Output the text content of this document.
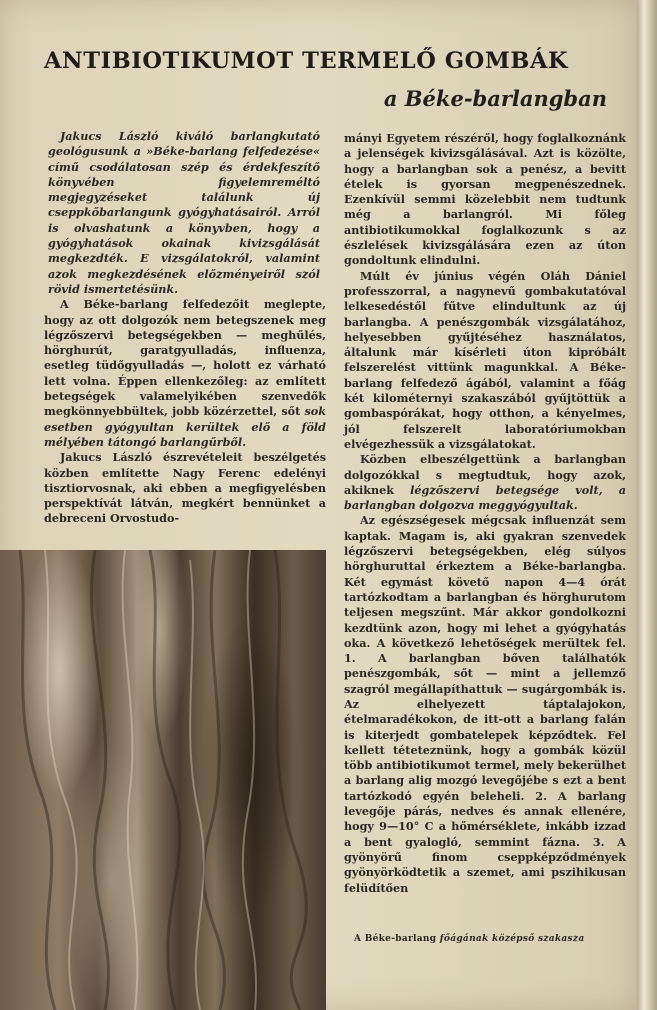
ANTIBIOTIKUMOT TERMELŐ GOMBÁK
a Béke-barlangban

Jakucs László kiváló barlangkutató geológusunk a »Béke-barlang felfedezése« című csodálatosan szép és érdekfeszítő könyvében figyelemreméltó megjegyzéseket találunk új cseppkőbarlangunk gyógyhatásairól. Arról is olvashatunk a könyvben, hogy a gyógyhatások okainak kivizsgálását megkezdték. E vizsgálatokról, valamint azok megkezdésének előzményeiről szól rövid ismertetésünk.

A Béke-barlang felfedezőit meglepte, hogy az ott dolgozók nem betegszenek meg légzőszervi betegségekben — meghűlés, hörghurút, garatgyulladás, influenza, esetleg tüdőgyulladás —, holott ez várható lett volna. Éppen ellenkezőleg: az említett betegségek valamelyikében szenvedők megkönnyebbültek, jobb közérzettel, sőt sok esetben gyógyultan kerültek elő a föld mélyében tátongó barlangűrből.

Jakucs László észrevételeit beszélgetés közben említette Nagy Ferenc edelényi tisztiorvosnak, aki ebben a megfigyelésben perspektívát látván, megkért bennünket a debreceni Orvostudo-

mányi Egyetem részéről, hogy foglalkoznánk a jelenségek kivizsgálásával. Azt is közölte, hogy a barlangban sok a penész, a bevitt ételek is gyorsan megpenészednek. Ezenkívül semmi közelebbit nem tudtunk még a barlangról. Mi főleg antibiotikumokkal foglalkozunk s az észlelések kivizsgálására ezen az úton gondoltunk elindulni.

Múlt év június végén Oláh Dániel professzorral, a nagynevű gombakutatóval lelkesedéstől fűtve elindultunk az új barlangba. A penészgombák vizsgálatához, helyesebben gyűjtéséhez használatos, általunk már kísérleti úton kipróbált felszerelést vittünk magunkkal. A Béke-barlang felfedező ágából, valamint a főág két kilométernyi szakaszából gyűjtöttük a gombaspórákat, hogy otthon, a kényelmes, jól felszerelt laboratóriumokban elvégezhessük a vizsgálatokat.

Közben elbeszélgettünk a barlangban dolgozókkal s megtudtuk, hogy azok, akiknek légzőszervi betegsége volt, a barlangban dolgozva meggyógyultak.

Az egészségesek mégcsak influenzát sem kaptak. Magam is, aki gyakran szenvedek légzőszervi betegségekben, elég súlyos hörghuruttal érkeztem a Béke-barlangba. Két egymást követő napon 4—4 órát tartózkodtam a barlangban és hörghurutom teljesen megszűnt. Már akkor gondolkozni kezdtünk azon, hogy mi lehet a gyógyhatás oka. A következő lehetőségek merültek fel. 1. A barlangban bőven találhatók penészgombák, sőt — mint a jellemző szagról megállapíthattuk — sugárgombák is. Az elhelyezett táptalajokon, ételmaradékokon, de itt-ott a barlang falán is kiterjedt gombatelepek képződtek. Fel kellett téteteznünk, hogy a gombák közül több antibiotikumot termel, mely bekerülhet a barlang alig mozgó levegőjébe s ezt a bent tartózkodó egyén beleheli. 2. A barlang levegője párás, nedves és annak ellenére, hogy 9—10° C a hőmérséklete, inkább izzad a bent gyalogló, semmint fázna. 3. A gyönyörű finom cseppképződmények gyönyörködtetik a szemet, ami pszihikusan felüdítően

A Béke-barlang főágának középső szakasza
